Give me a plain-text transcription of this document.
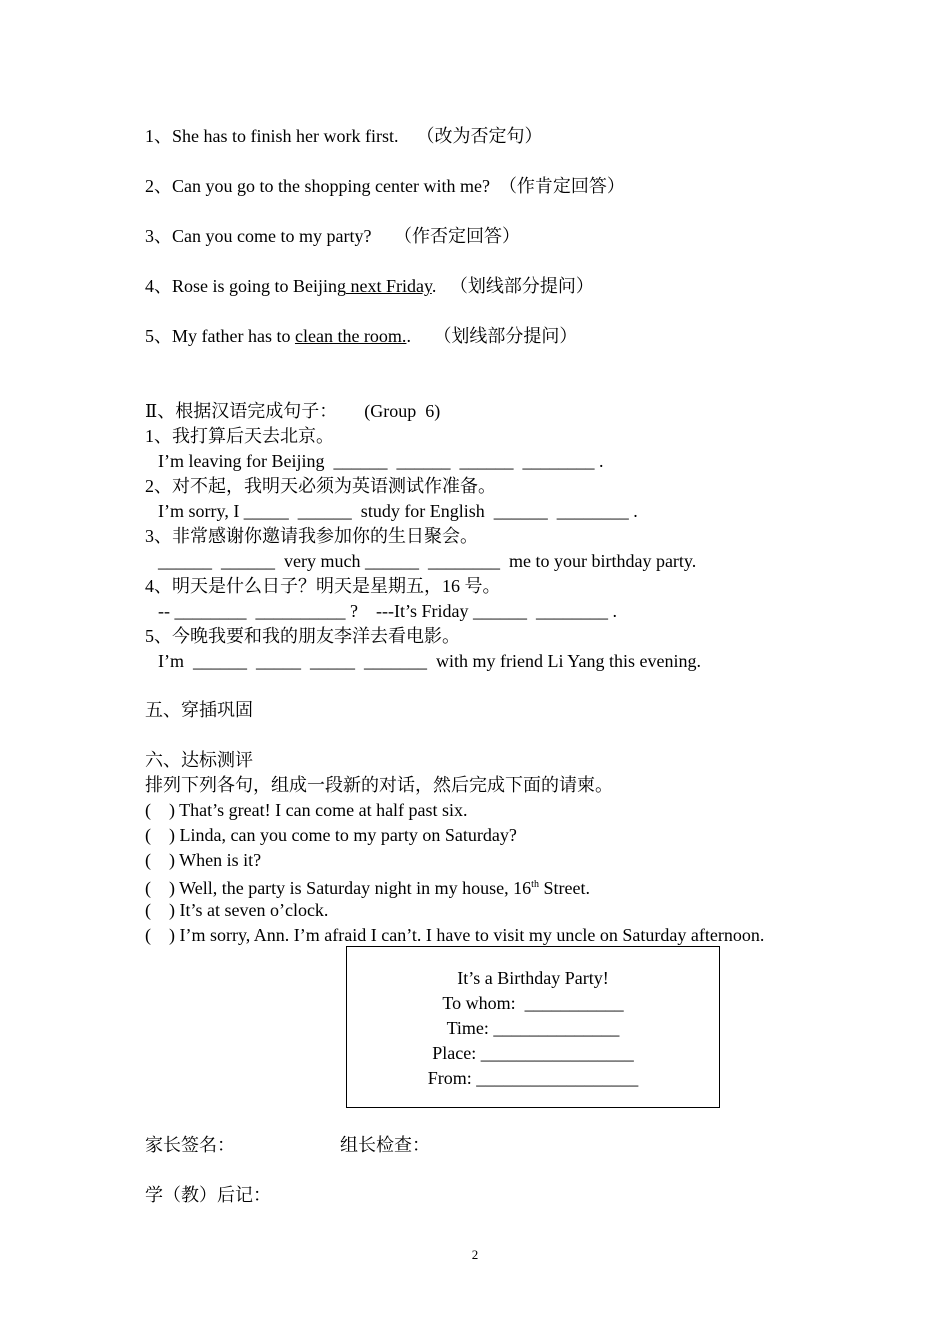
1、She has to finish her work first. （改为否定句）
2、Can you go to the shopping center with me? （作肯定回答）
3、Can you come to my party? （作否定回答）
4、Rose is going to Beijing next Friday. （划线部分提问）
5、My father has to clean the room.. （划线部分提问）
Ⅱ、根据汉语完成句子： (Group  6)
1、我打算后天去北京。
I’m leaving for Beijing  ______  ______  ______  ________ .
2、对不起，我明天必须为英语测试作准备。
I’m sorry, I _____  ______  study for English  ______  ________ .
3、非常感谢你邀请我参加你的生日聚会。
______  ______  very much ______  ________  me to your birthday party.
4、明天是什么日子？明天是星期五，16 号。
-- ________  __________ ?    ---It’s Friday ______  ________ .
5、今晚我要和我的朋友李洋去看电影。
I’m  ______  _____  _____  _______  with my friend Li Yang this evening.
五、穿插巩固
六、达标测评
排列下列各句，组成一段新的对话，然后完成下面的请柬。
(    ) That’s great! I can come at half past six.
(    ) Linda, can you come to my party on Saturday?
(    ) When is it?
(    ) Well, the party is Saturday night in my house, 16th Street.
(    ) It’s at seven o’clock.
(    ) I’m sorry, Ann. I’m afraid I can’t. I have to visit my uncle on Saturday afternoon.
It’s a Birthday Party!
To whom:  ___________
Time: ______________
Place: _________________
From: __________________
家长签名：	组长检查：
学（教）后记：
2
